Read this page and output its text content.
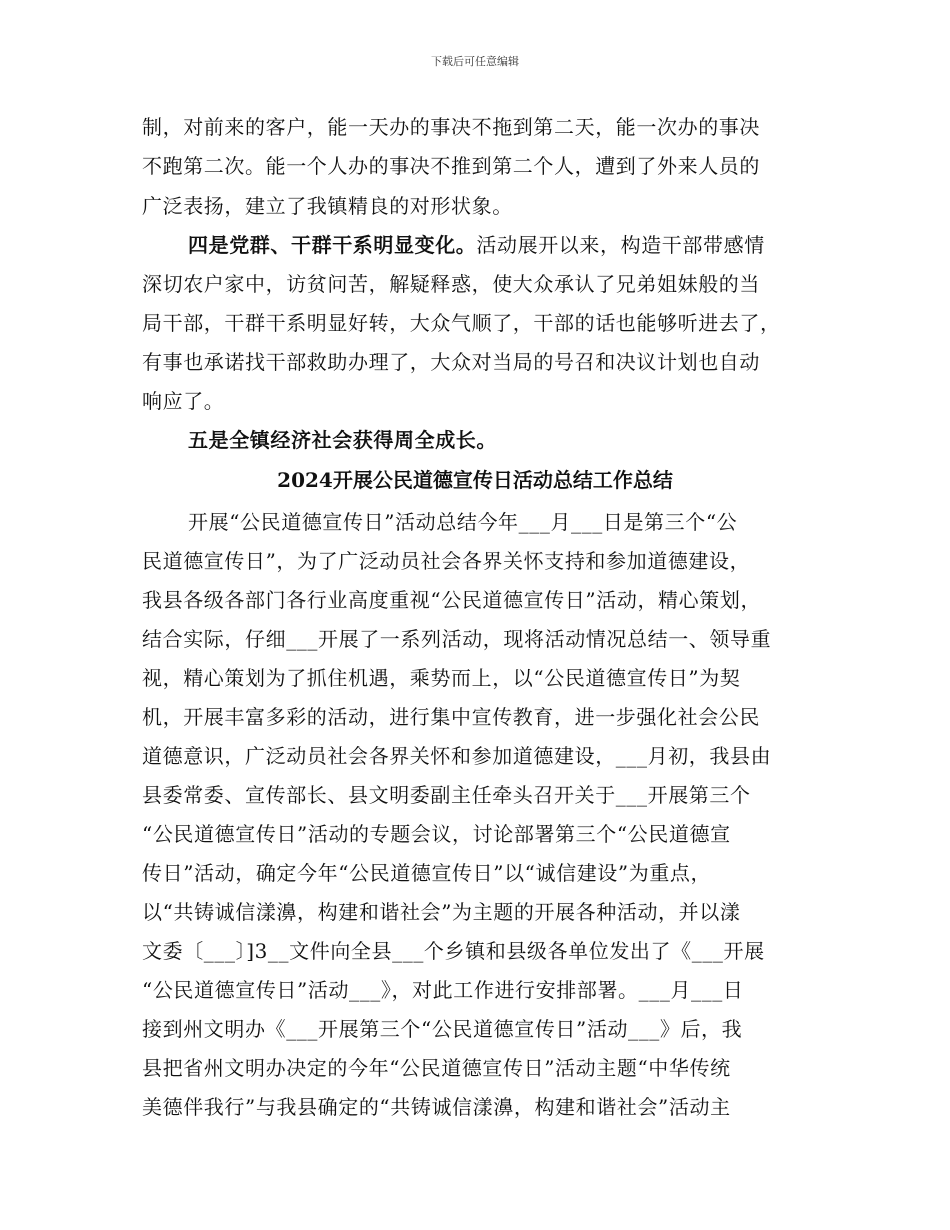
下载后可任意编辑
制，对前来的客户，能一天办的事决不拖到第二天，能一次办的事决
不跑第二次。能一个人办的事决不推到第二个人，遭到了外来人员的
广泛表扬，建立了我镇精良的对形状象。
四是党群、干群干系明显变化。活动展开以来，构造干部带感情
深切农户家中，访贫问苦，解疑释惑，使大众承认了兄弟姐妹般的当
局干部，干群干系明显好转，大众气顺了，干部的话也能够听进去了，
有事也承诺找干部救助办理了，大众对当局的号召和决议计划也自动
响应了。
五是全镇经济社会获得周全成长。
2024开展公民道德宣传日活动总结工作总结
开展“公民道德宣传日”活动总结今年___月___日是第三个“公
民道德宣传日”，为了广泛动员社会各界关怀支持和参加道德建设，
我县各级各部门各行业高度重视“公民道德宣传日”活动，精心策划，
结合实际，仔细___开展了一系列活动，现将活动情况总结一、领导重
视，精心策划为了抓住机遇，乘势而上，以“公民道德宣传日”为契
机，开展丰富多彩的活动，进行集中宣传教育，进一步强化社会公民
道德意识，广泛动员社会各界关怀和参加道德建设，___月初，我县由
县委常委、宣传部长、县文明委副主任牵头召开关于___开展第三个
“公民道德宣传日”活动的专题会议，讨论部署第三个“公民道德宣
传日”活动，确定今年“公民道德宣传日”以“诚信建设”为重点，
以“共铸诚信漾濞，构建和谐社会”为主题的开展各种活动，并以漾
文委〔___〕]3__文件向全县___个乡镇和县级各单位发出了《___开展
“公民道德宣传日”活动___》，对此工作进行安排部署。___月___日
接到州文明办《___开展第三个“公民道德宣传日”活动___》后，我
县把省州文明办决定的今年“公民道德宣传日”活动主题“中华传统
美德伴我行”与我县确定的“共铸诚信漾濞，构建和谐社会”活动主
